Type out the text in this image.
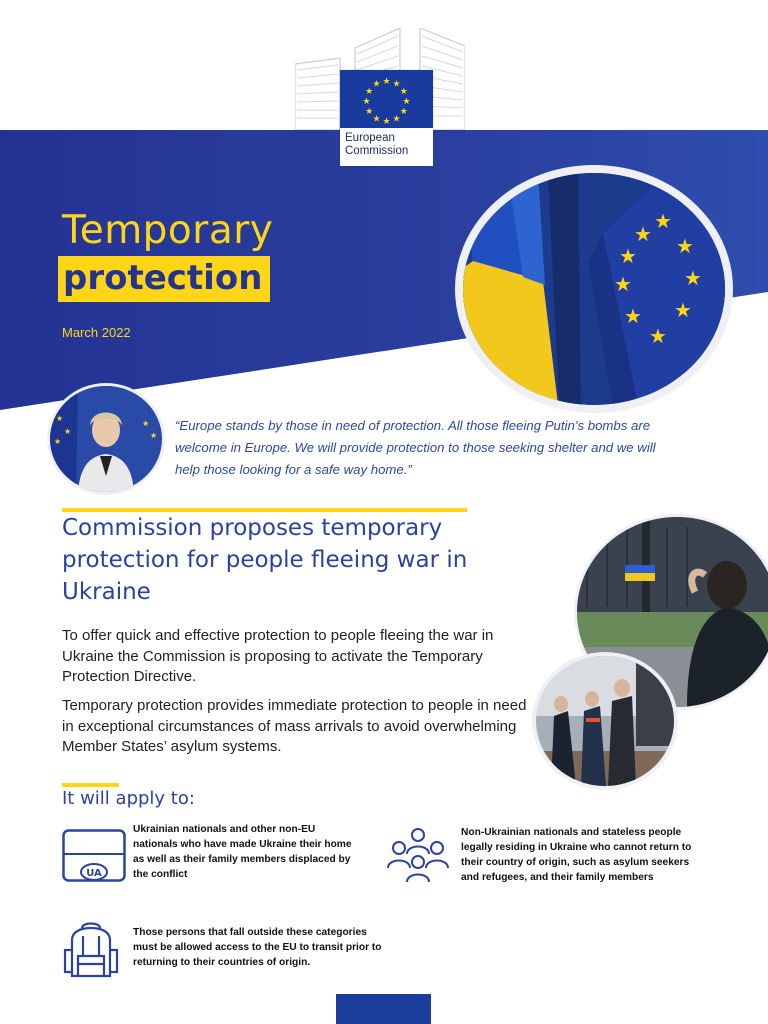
★ ★
★
★
★
★
★
★
★
★
★
★
European
Commission
Temporary
protection
March 2022
★
★
★
★
★
★
★
★
★
★
★
★
★
★
“Europe stands by those in need of protection. All those fleeing Putin’s bombs are welcome in Europe. We will provide protection to those seeking shelter and we will help those looking for a safe way home.”
Commission proposes temporary protection for people fleeing war in Ukraine
To offer quick and effective protection to people fleeing the war in Ukraine the Commission is proposing to activate the Temporary Protection Directive.
Temporary protection provides immediate protection to people in need in exceptional circumstances of mass arrivals to avoid overwhelming Member States’ asylum systems.
It will apply to:
UA
Ukrainian nationals and other non-EU nationals who have made Ukraine their home as well as their family members displaced by the conflict
Non-Ukrainian nationals and stateless people legally residing in Ukraine who cannot return to their country of origin, such as asylum seekers and refugees, and their family members
Those persons that fall outside these categories must be allowed access to the EU to transit prior to returning to their countries of origin.
